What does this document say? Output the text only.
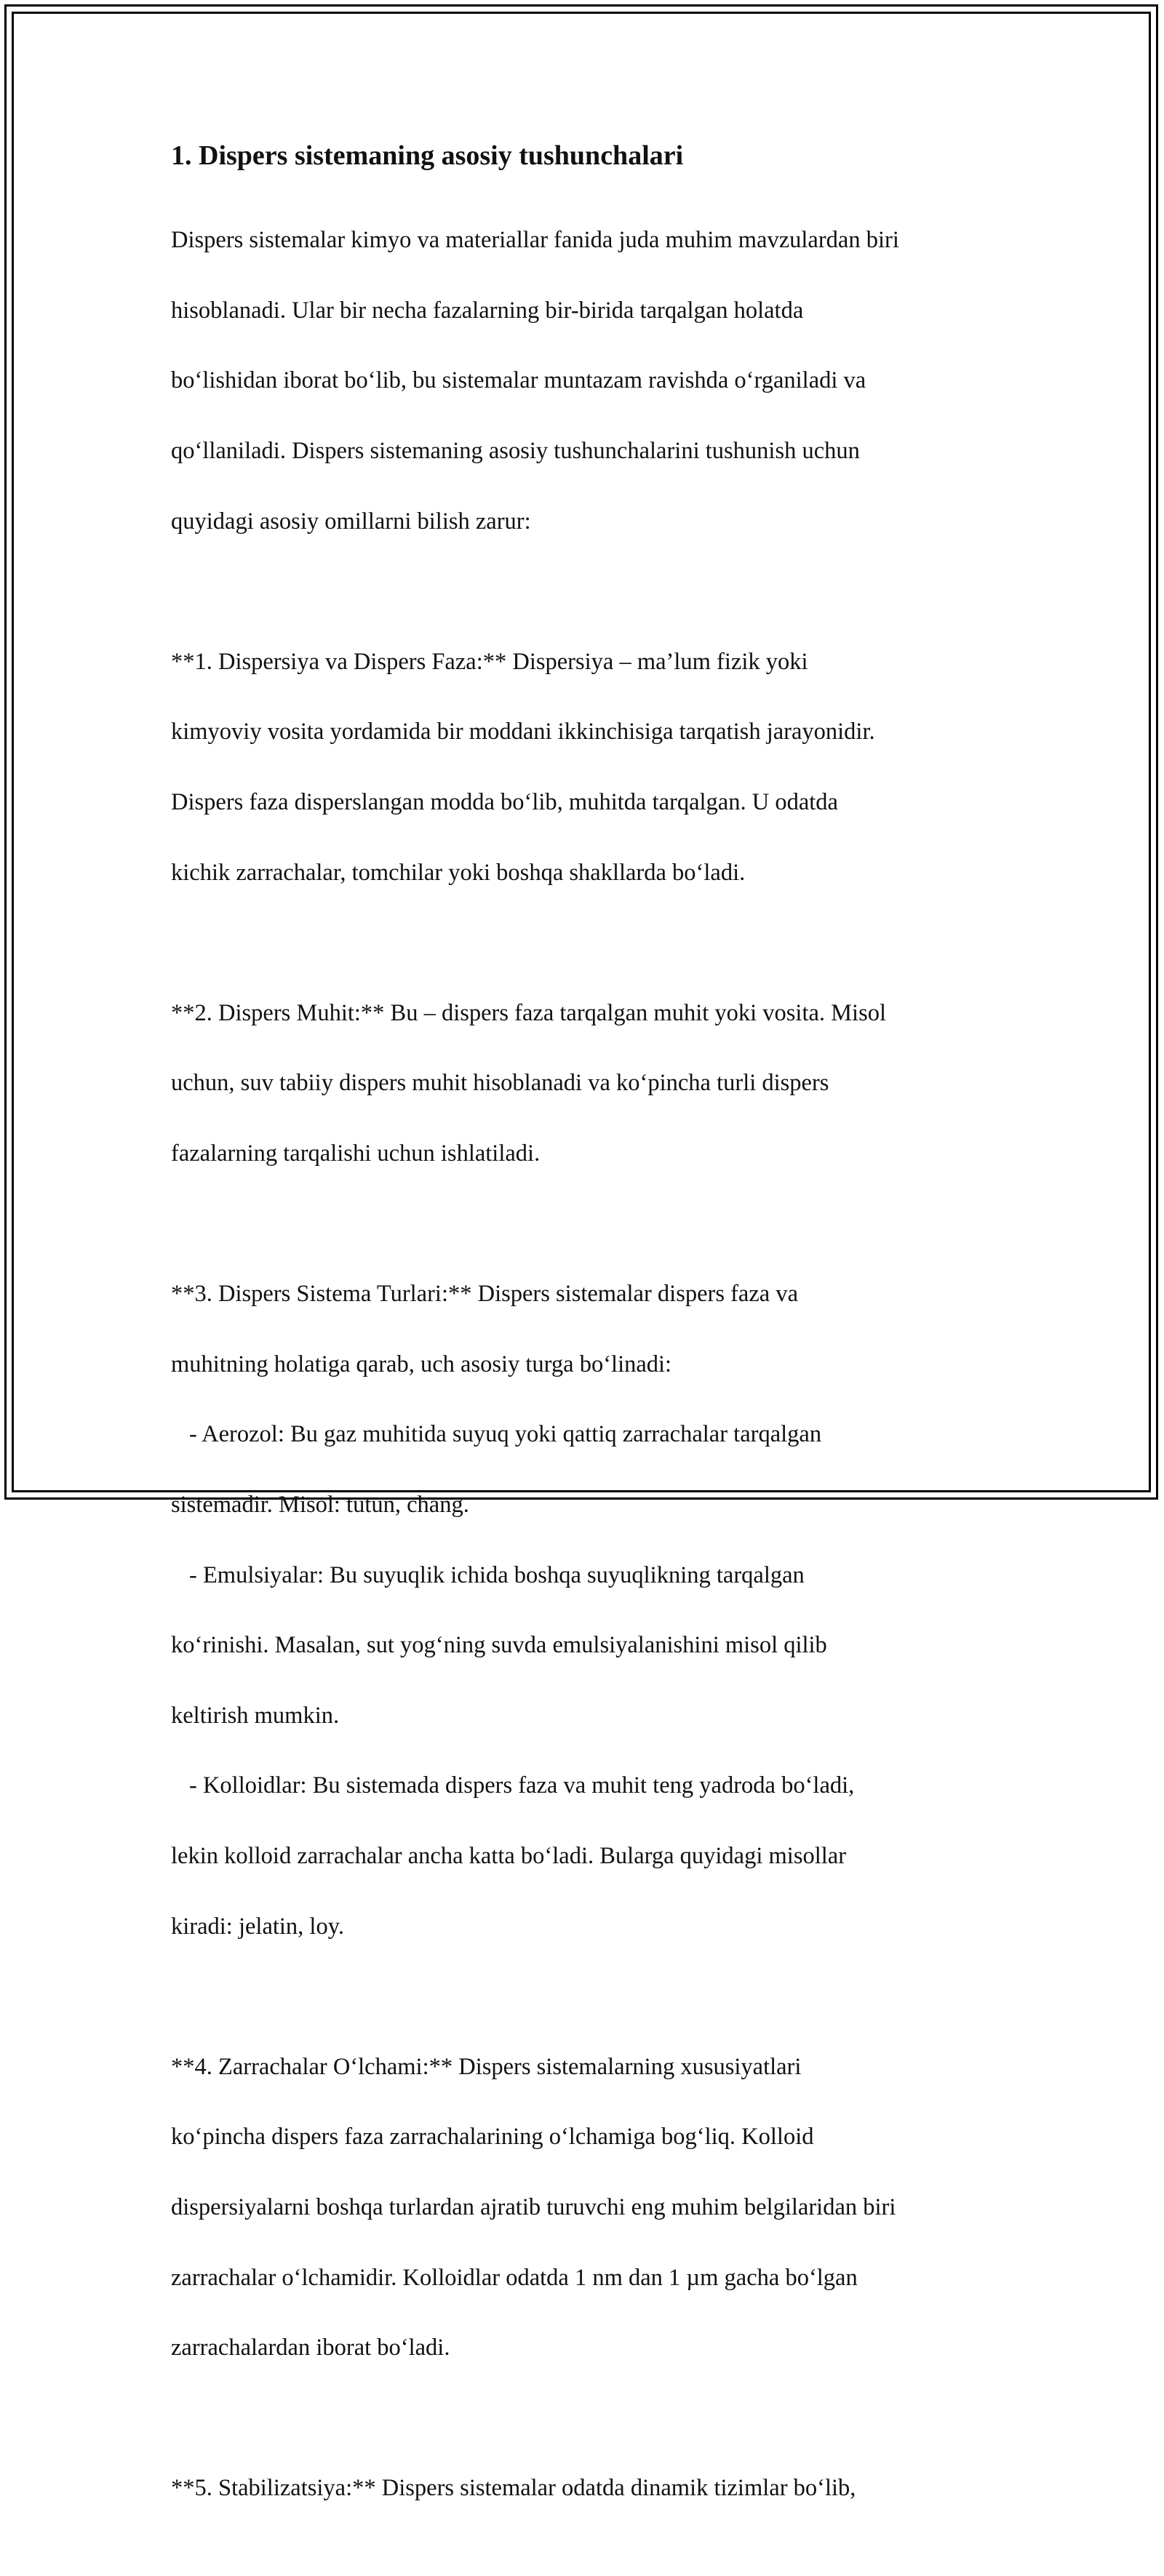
1. Dispers sistemaning asosiy tushunchalari

Dispers sistemalar kimyo va materiallar fanida juda muhim mavzulardan biri

hisoblanadi. Ular bir necha fazalarning bir-birida tarqalgan holatda

bo‘lishidan iborat bo‘lib, bu sistemalar muntazam ravishda o‘rganiladi va

qo‘llaniladi. Dispers sistemaning asosiy tushunchalarini tushunish uchun

quyidagi asosiy omillarni bilish zarur:

**1. Dispersiya va Dispers Faza:** Dispersiya – ma’lum fizik yoki

kimyoviy vosita yordamida bir moddani ikkinchisiga tarqatish jarayonidir.

Dispers faza disperslangan modda bo‘lib, muhitda tarqalgan. U odatda

kichik zarrachalar, tomchilar yoki boshqa shakllarda bo‘ladi.

**2. Dispers Muhit:** Bu – dispers faza tarqalgan muhit yoki vosita. Misol

uchun, suv tabiiy dispers muhit hisoblanadi va ko‘pincha turli dispers

fazalarning tarqalishi uchun ishlatiladi.

**3. Dispers Sistema Turlari:** Dispers sistemalar dispers faza va

muhitning holatiga qarab, uch asosiy turga bo‘linadi:

- Aerozol: Bu gaz muhitida suyuq yoki qattiq zarrachalar tarqalgan

sistemadir. Misol: tutun, chang.

- Emulsiyalar: Bu suyuqlik ichida boshqa suyuqlikning tarqalgan

ko‘rinishi. Masalan, sut yog‘ning suvda emulsiyalanishini misol qilib

keltirish mumkin.

- Kolloidlar: Bu sistemada dispers faza va muhit teng yadroda bo‘ladi,

lekin kolloid zarrachalar ancha katta bo‘ladi. Bularga quyidagi misollar

kiradi: jelatin, loy.

**4. Zarrachalar O‘lchami:** Dispers sistemalarning xususiyatlari

ko‘pincha dispers faza zarrachalarining o‘lchamiga bog‘liq. Kolloid

dispersiyalarni boshqa turlardan ajratib turuvchi eng muhim belgilaridan biri

zarrachalar o‘lchamidir. Kolloidlar odatda 1 nm dan 1 µm gacha bo‘lgan

zarrachalardan iborat bo‘ladi.

**5. Stabilizatsiya:** Dispers sistemalar odatda dinamik tizimlar bo‘lib,
